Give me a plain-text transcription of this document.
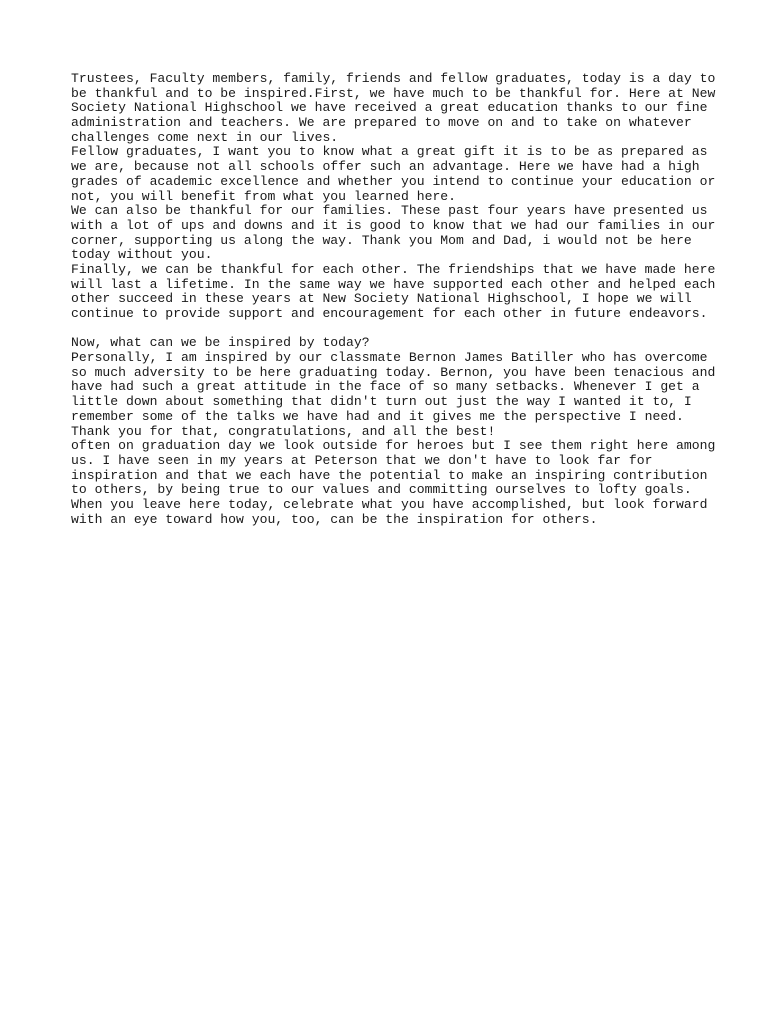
Trustees, Faculty members, family, friends and fellow graduates, today is a day to
be thankful and to be inspired.First, we have much to be thankful for. Here at New
Society National Highschool we have received a great education thanks to our fine
administration and teachers. We are prepared to move on and to take on whatever
challenges come next in our lives.
Fellow graduates, I want you to know what a great gift it is to be as prepared as
we are, because not all schools offer such an advantage. Here we have had a high
grades of academic excellence and whether you intend to continue your education or
not, you will benefit from what you learned here.
We can also be thankful for our families. These past four years have presented us
with a lot of ups and downs and it is good to know that we had our families in our
corner, supporting us along the way. Thank you Mom and Dad, i would not be here
today without you.
Finally, we can be thankful for each other. The friendships that we have made here
will last a lifetime. In the same way we have supported each other and helped each
other succeed in these years at New Society National Highschool, I hope we will
continue to provide support and encouragement for each other in future endeavors.
Now, what can we be inspired by today?
Personally, I am inspired by our classmate Bernon James Batiller who has overcome
so much adversity to be here graduating today. Bernon, you have been tenacious and
have had such a great attitude in the face of so many setbacks. Whenever I get a
little down about something that didn't turn out just the way I wanted it to, I
remember some of the talks we have had and it gives me the perspective I need.
Thank you for that, congratulations, and all the best!
often on graduation day we look outside for heroes but I see them right here among
us. I have seen in my years at Peterson that we don't have to look far for
inspiration and that we each have the potential to make an inspiring contribution
to others, by being true to our values and committing ourselves to lofty goals.
When you leave here today, celebrate what you have accomplished, but look forward
with an eye toward how you, too, can be the inspiration for others.
